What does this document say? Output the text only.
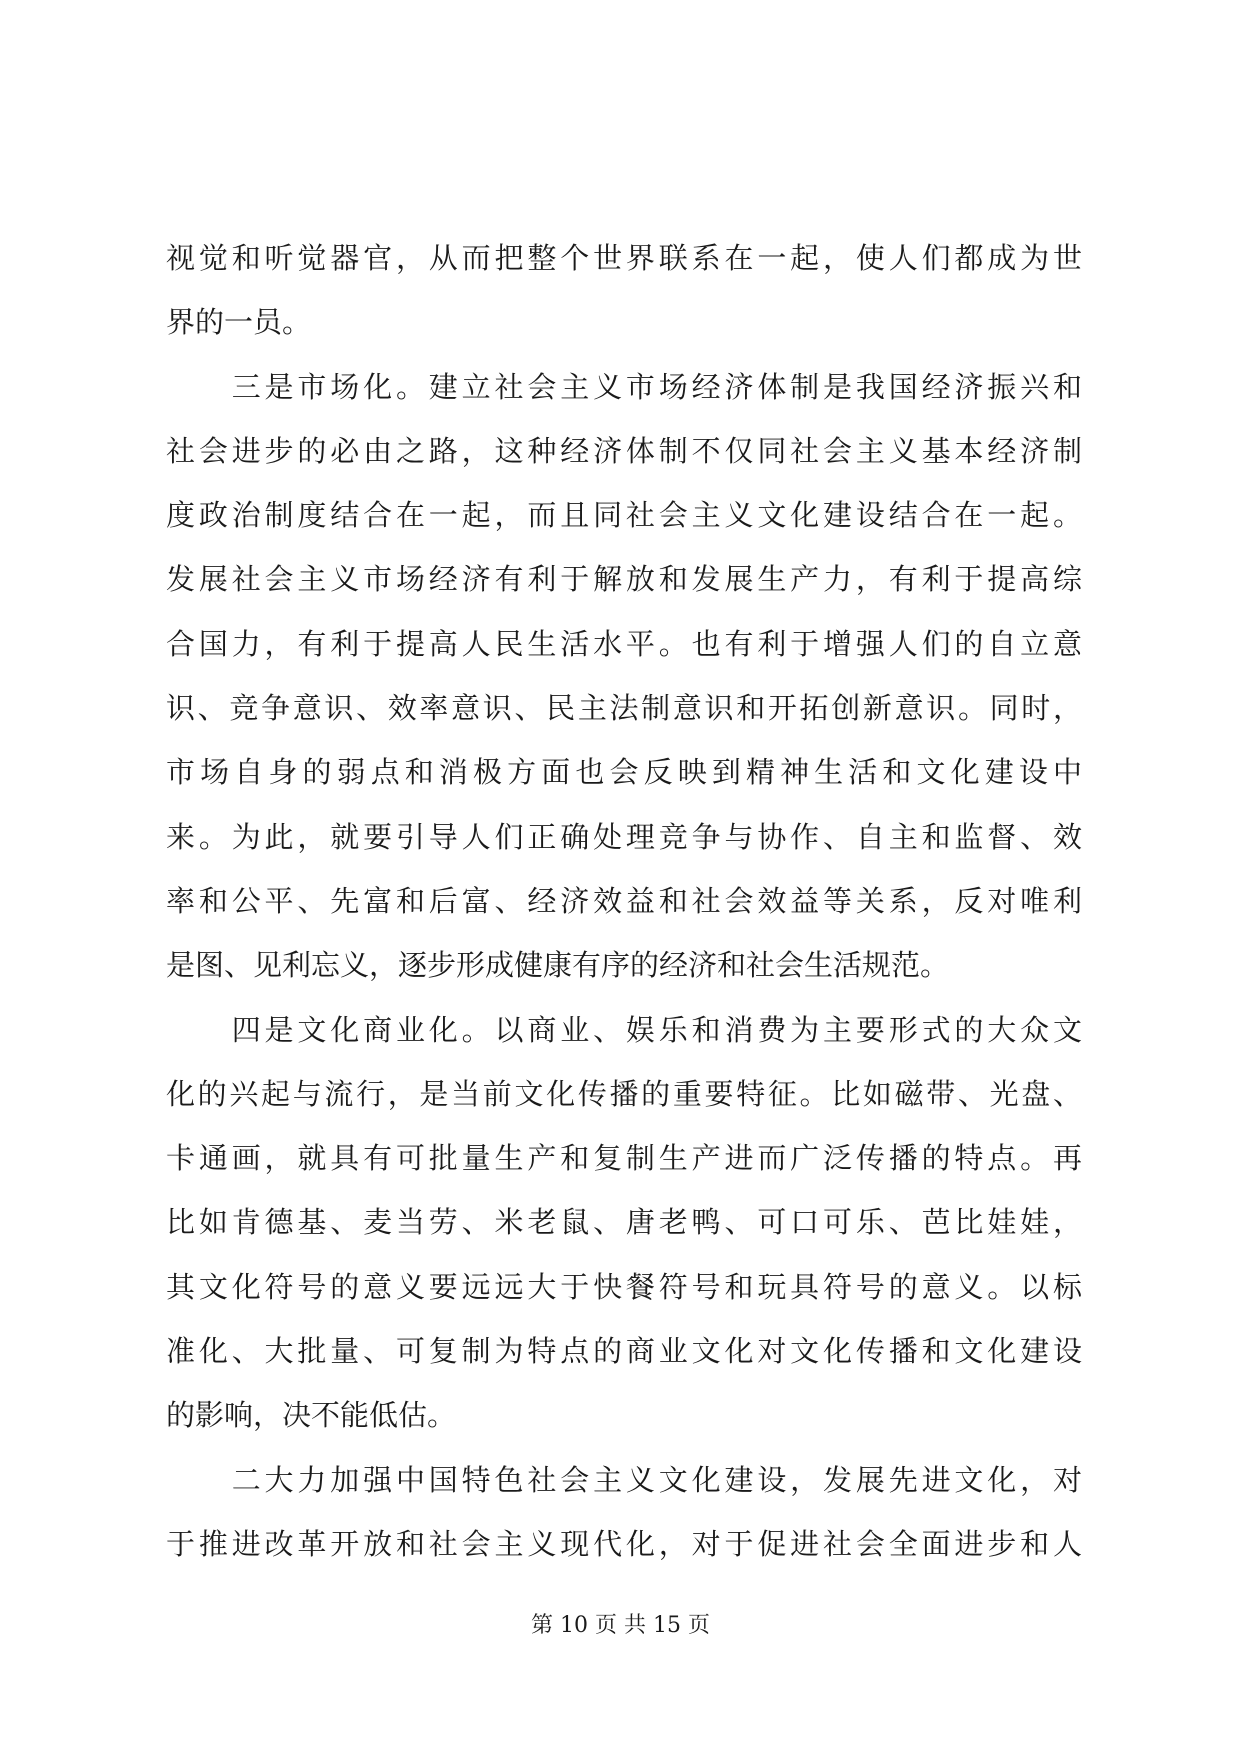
视觉和听觉器官，从而把整个世界联系在一起，使人们都成为世
界的一员。
　　三是市场化。建立社会主义市场经济体制是我国经济振兴和
社会进步的必由之路，这种经济体制不仅同社会主义基本经济制
度政治制度结合在一起，而且同社会主义文化建设结合在一起。
发展社会主义市场经济有利于解放和发展生产力，有利于提高综
合国力，有利于提高人民生活水平。也有利于增强人们的自立意
识、竞争意识、效率意识、民主法制意识和开拓创新意识。同时，
市场自身的弱点和消极方面也会反映到精神生活和文化建设中
来。为此，就要引导人们正确处理竞争与协作、自主和监督、效
率和公平、先富和后富、经济效益和社会效益等关系，反对唯利
是图、见利忘义，逐步形成健康有序的经济和社会生活规范。
　　四是文化商业化。以商业、娱乐和消费为主要形式的大众文
化的兴起与流行，是当前文化传播的重要特征。比如磁带、光盘、
卡通画，就具有可批量生产和复制生产进而广泛传播的特点。再
比如肯德基、麦当劳、米老鼠、唐老鸭、可口可乐、芭比娃娃，
其文化符号的意义要远远大于快餐符号和玩具符号的意义。以标
准化、大批量、可复制为特点的商业文化对文化传播和文化建设
的影响，决不能低估。
　　二大力加强中国特色社会主义文化建设，发展先进文化，对
于推进改革开放和社会主义现代化，对于促进社会全面进步和人
第 10 页 共 15 页
